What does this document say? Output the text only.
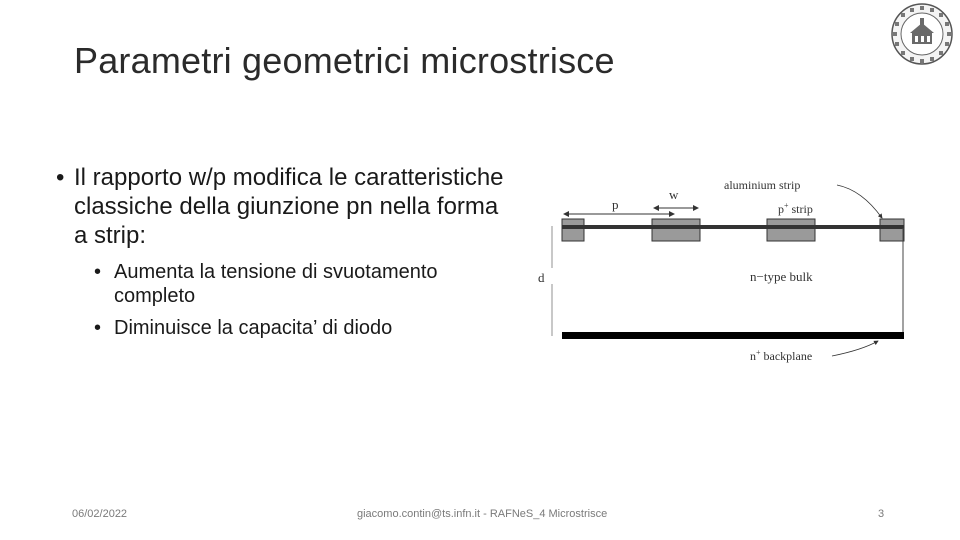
Parametri geometrici microstrisce
• Il rapporto w/p modifica le caratteristiche classiche della giunzione pn nella forma a strip:
• Aumenta la tensione di svuotamento completo
• Diminuisce la capacita’ di diodo
p
w
d
aluminium strip
p+ strip
n−type bulk
n+ backplane
06/02/2022	giacomo.contin@ts.infn.it - RAFNeS_4 Microstrisce	3
